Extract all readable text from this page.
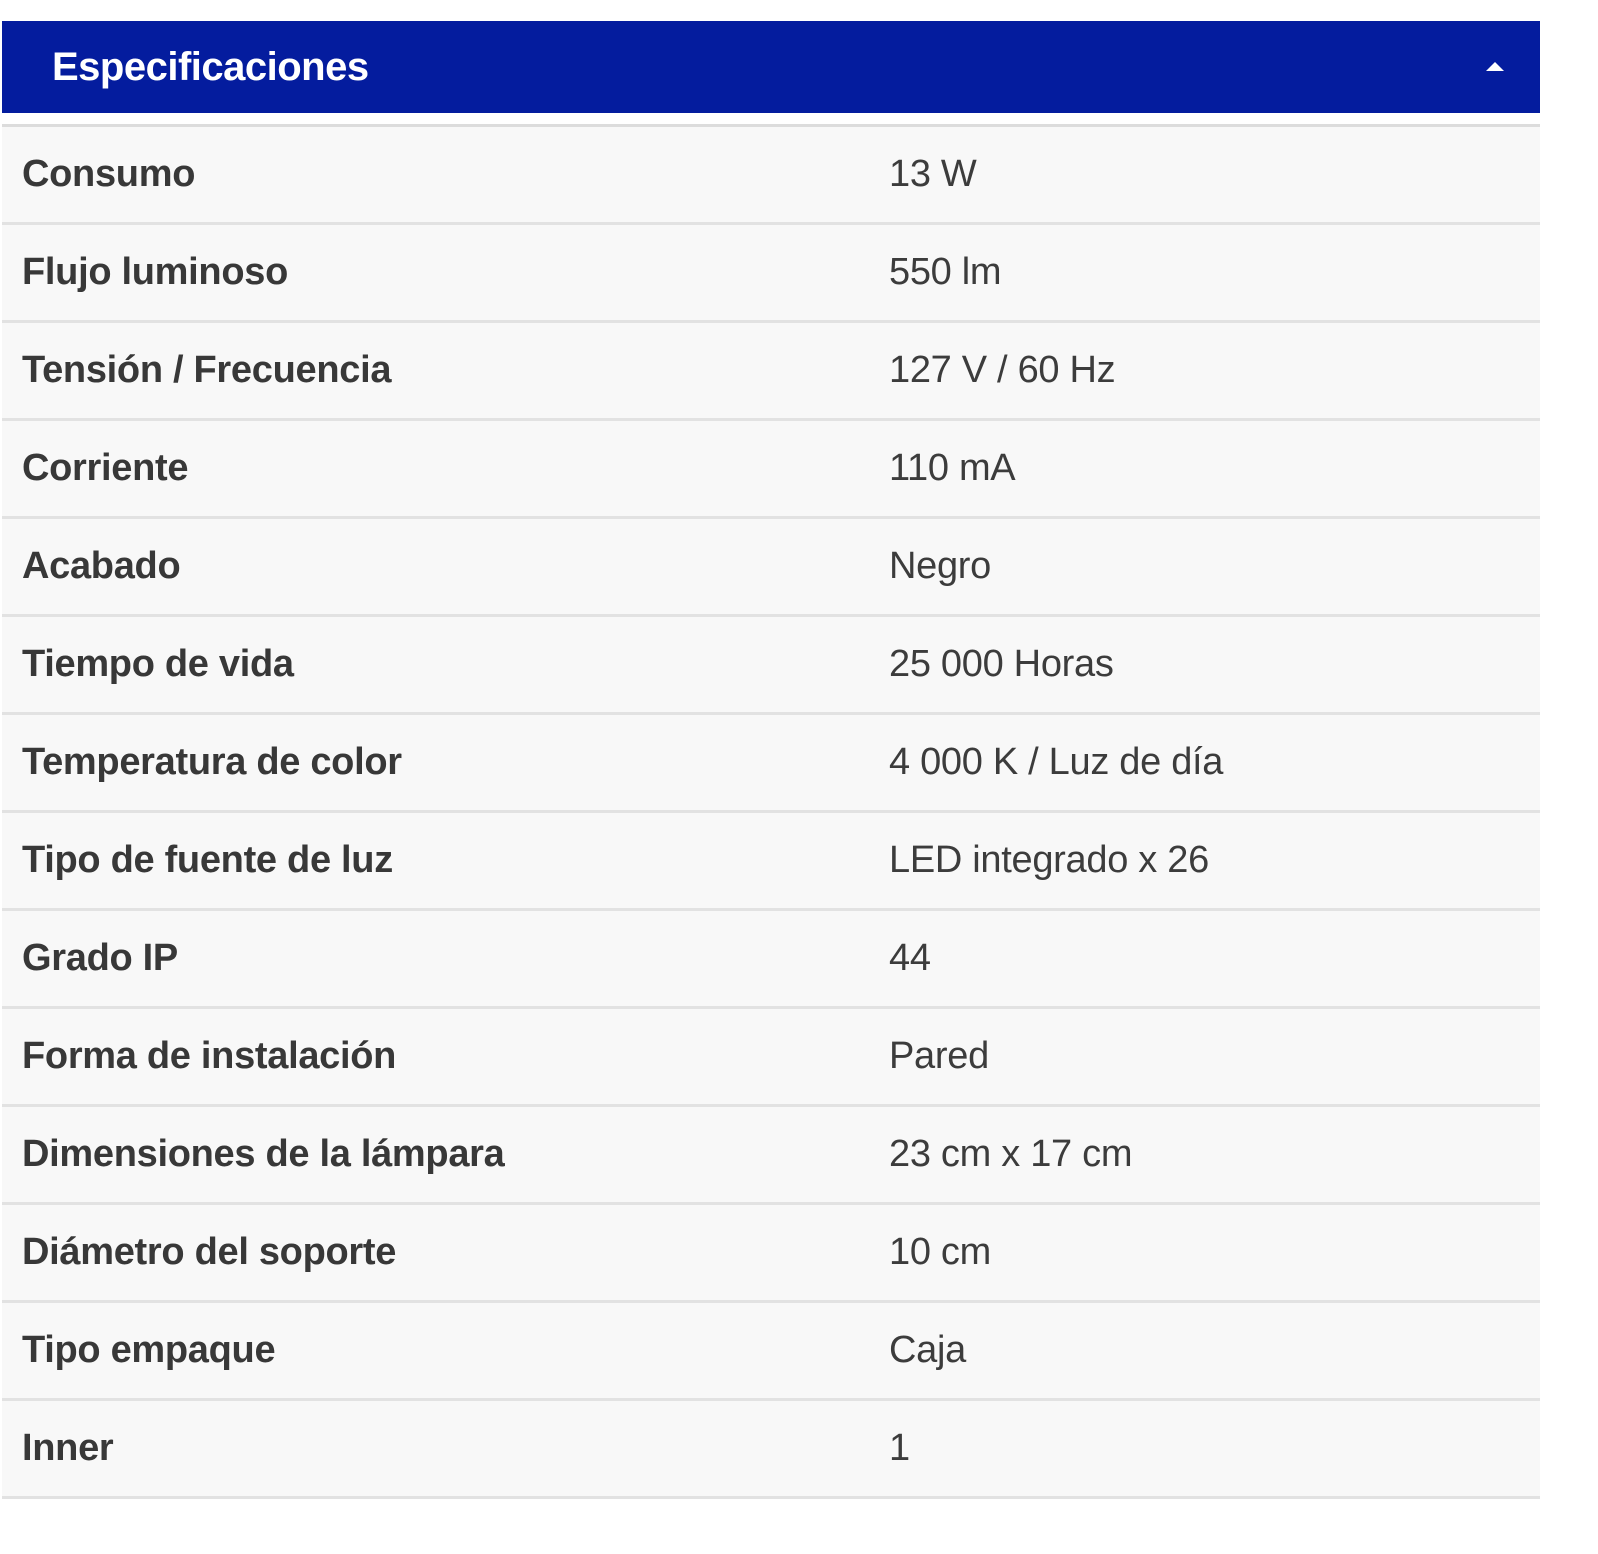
Especificaciones
Consumo	13 W
Flujo luminoso	550 lm
Tensión / Frecuencia	127 V / 60 Hz
Corriente	110 mA
Acabado	Negro
Tiempo de vida	25 000 Horas
Temperatura de color	4 000 K / Luz de día
Tipo de fuente de luz	LED integrado x 26
Grado IP	44
Forma de instalación	Pared
Dimensiones de la lámpara	23 cm x 17 cm
Diámetro del soporte	10 cm
Tipo empaque	Caja
Inner	1
